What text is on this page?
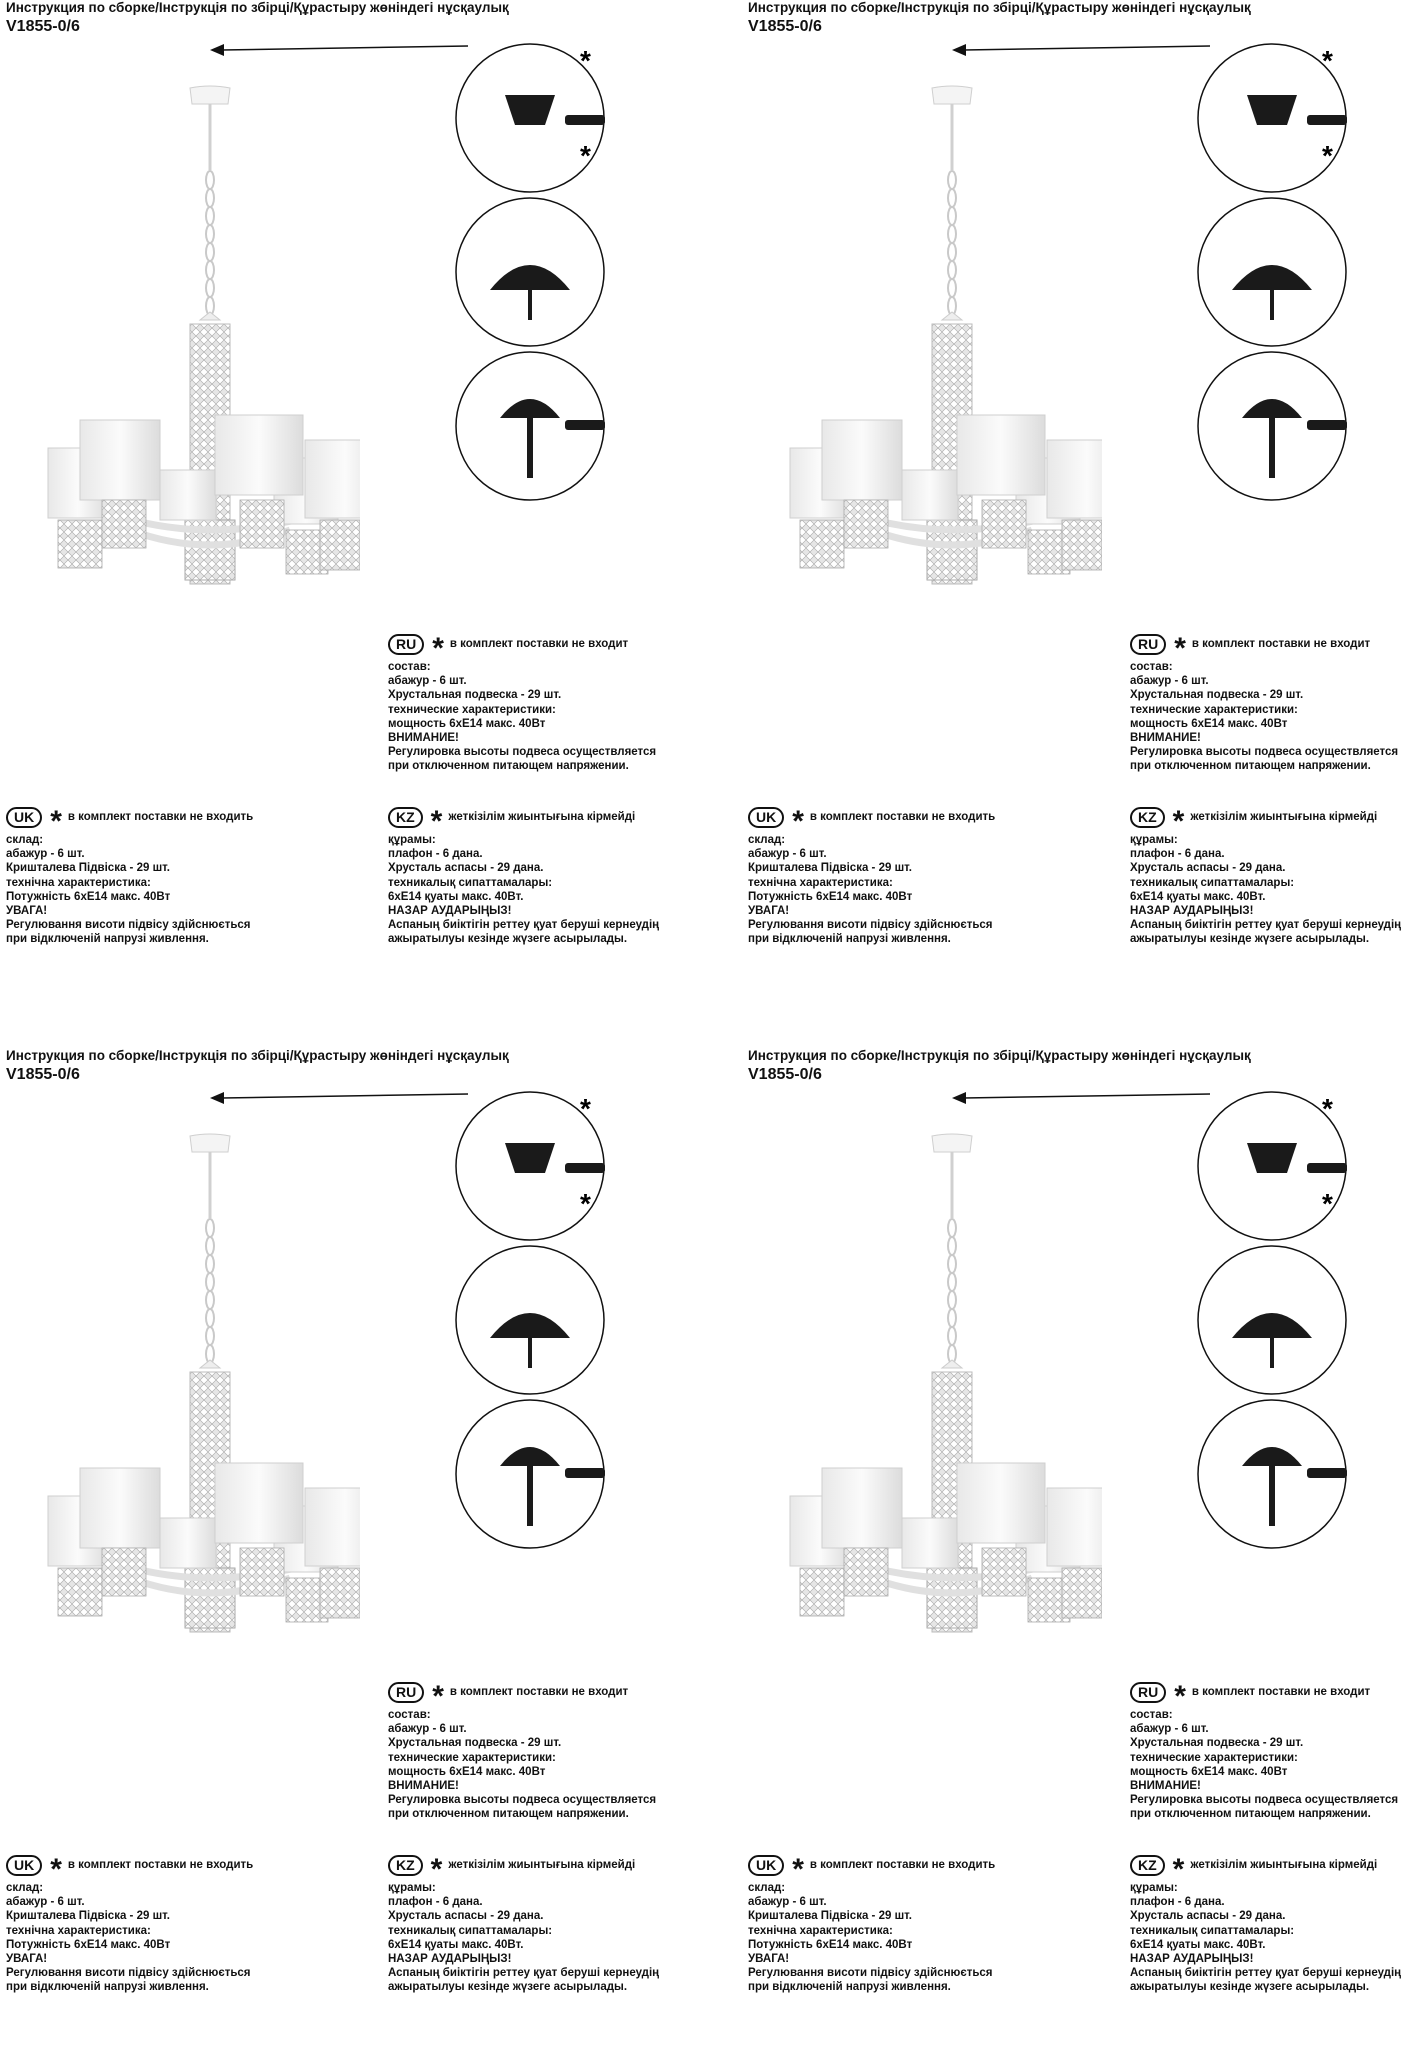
Инструкция по сборке/Інструкція по збірці/Құрастыру жөніндегі нұсқаулық
V1855-0/6
*
*
RU * в комплект поставки не входит
состав:
абажур - 6 шт.
Хрустальная подвеска - 29 шт.
технические характеристики:
мощность 6хЕ14 макс. 40Вт
ВНИМАНИЕ!
Регулировка высоты подвеса осуществляется
при отключенном питающем напряжении.
UK * в комплект поставки не входить
склад:
абажур - 6 шт.
Кришталева Підвіска - 29 шт.
технічна характеристика:
Потужність 6хЕ14 макс. 40Вт
УВАГА!
Регулювання висоти підвісу здійснюється
при відключеній напрузі живлення.
KZ * жеткізілім жиынтығына кірмейді
құрамы:
плафон - 6 дана.
Хрусталь аспасы - 29 дана.
техникалық сипаттамалары:
6хЕ14 қуаты макс. 40Вт.
НАЗАР АУДАРЫҢЫЗ!
Аспаның биіктігін реттеу қуат беруші кернеудің
ажыратылуы кезінде жүзеге асырылады.
Инструкция по сборке/Інструкція по збірці/Құрастыру жөніндегі нұсқаулық
V1855-0/6
*
*
RU * в комплект поставки не входит
состав:
абажур - 6 шт.
Хрустальная подвеска - 29 шт.
технические характеристики:
мощность 6хЕ14 макс. 40Вт
ВНИМАНИЕ!
Регулировка высоты подвеса осуществляется
при отключенном питающем напряжении.
UK * в комплект поставки не входить
склад:
абажур - 6 шт.
Кришталева Підвіска - 29 шт.
технічна характеристика:
Потужність 6хЕ14 макс. 40Вт
УВАГА!
Регулювання висоти підвісу здійснюється
при відключеній напрузі живлення.
KZ * жеткізілім жиынтығына кірмейді
құрамы:
плафон - 6 дана.
Хрусталь аспасы - 29 дана.
техникалық сипаттамалары:
6хЕ14 қуаты макс. 40Вт.
НАЗАР АУДАРЫҢЫЗ!
Аспаның биіктігін реттеу қуат беруші кернеудің
ажыратылуы кезінде жүзеге асырылады.
Инструкция по сборке/Інструкція по збірці/Құрастыру жөніндегі нұсқаулық
V1855-0/6
*
*
RU * в комплект поставки не входит
состав:
абажур - 6 шт.
Хрустальная подвеска - 29 шт.
технические характеристики:
мощность 6хЕ14 макс. 40Вт
ВНИМАНИЕ!
Регулировка высоты подвеса осуществляется
при отключенном питающем напряжении.
UK * в комплект поставки не входить
склад:
абажур - 6 шт.
Кришталева Підвіска - 29 шт.
технічна характеристика:
Потужність 6хЕ14 макс. 40Вт
УВАГА!
Регулювання висоти підвісу здійснюється
при відключеній напрузі живлення.
KZ * жеткізілім жиынтығына кірмейді
құрамы:
плафон - 6 дана.
Хрусталь аспасы - 29 дана.
техникалық сипаттамалары:
6хЕ14 қуаты макс. 40Вт.
НАЗАР АУДАРЫҢЫЗ!
Аспаның биіктігін реттеу қуат беруші кернеудің
ажыратылуы кезінде жүзеге асырылады.
Инструкция по сборке/Інструкція по збірці/Құрастыру жөніндегі нұсқаулық
V1855-0/6
*
*
RU * в комплект поставки не входит
состав:
абажур - 6 шт.
Хрустальная подвеска - 29 шт.
технические характеристики:
мощность 6хЕ14 макс. 40Вт
ВНИМАНИЕ!
Регулировка высоты подвеса осуществляется
при отключенном питающем напряжении.
UK * в комплект поставки не входить
склад:
абажур - 6 шт.
Кришталева Підвіска - 29 шт.
технічна характеристика:
Потужність 6хЕ14 макс. 40Вт
УВАГА!
Регулювання висоти підвісу здійснюється
при відключеній напрузі живлення.
KZ * жеткізілім жиынтығына кірмейді
құрамы:
плафон - 6 дана.
Хрусталь аспасы - 29 дана.
техникалық сипаттамалары:
6хЕ14 қуаты макс. 40Вт.
НАЗАР АУДАРЫҢЫЗ!
Аспаның биіктігін реттеу қуат беруші кернеудің
ажыратылуы кезінде жүзеге асырылады.
